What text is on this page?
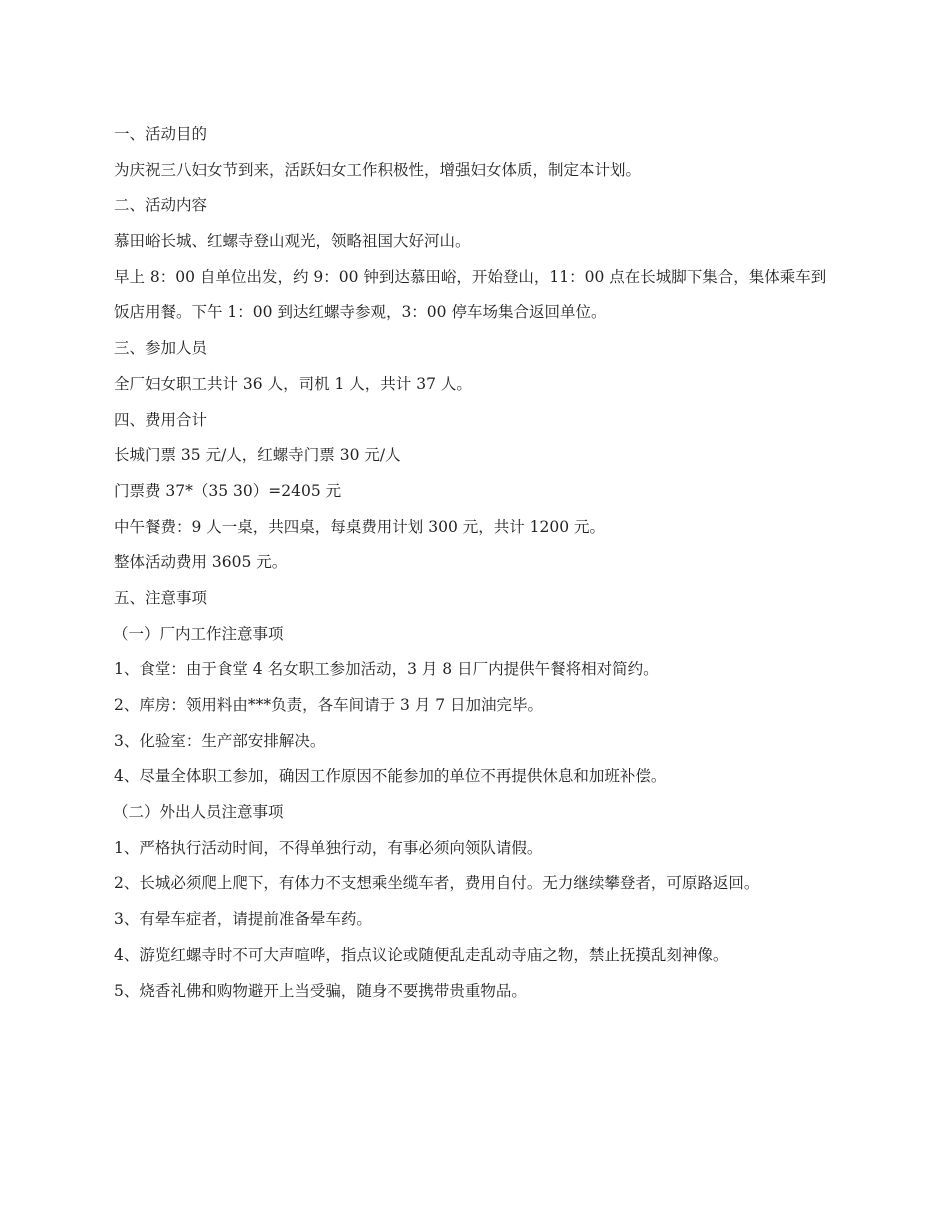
一、活动目的

为庆祝三八妇女节到来，活跃妇女工作积极性，增强妇女体质，制定本计划。

二、活动内容

慕田峪长城、红螺寺登山观光，领略祖国大好河山。

早上 8：00 自单位出发，约 9：00 钟到达慕田峪，开始登山，11：00 点在长城脚下集合，集体乘车到

饭店用餐。下午 1：00 到达红螺寺参观，3：00 停车场集合返回单位。

三、参加人员

全厂妇女职工共计 36 人，司机 1 人，共计 37 人。

四、费用合计

长城门票 35 元/人，红螺寺门票 30 元/人

门票费 37*（35 30）=2405 元

中午餐费：9 人一桌，共四桌，每桌费用计划 300 元，共计 1200 元。

整体活动费用 3605 元。

五、注意事项

（一）厂内工作注意事项

1、食堂：由于食堂 4 名女职工参加活动，3 月 8 日厂内提供午餐将相对简约。

2、库房：领用料由***负责，各车间请于 3 月 7 日加油完毕。

3、化验室：生产部安排解决。

4、尽量全体职工参加，确因工作原因不能参加的单位不再提供休息和加班补偿。

（二）外出人员注意事项

1、严格执行活动时间，不得单独行动，有事必须向领队请假。

2、长城必须爬上爬下，有体力不支想乘坐缆车者，费用自付。无力继续攀登者，可原路返回。

3、有晕车症者，请提前准备晕车药。

4、游览红螺寺时不可大声喧哗，指点议论或随便乱走乱动寺庙之物，禁止抚摸乱刻神像。

5、烧香礼佛和购物避开上当受骗，随身不要携带贵重物品。
